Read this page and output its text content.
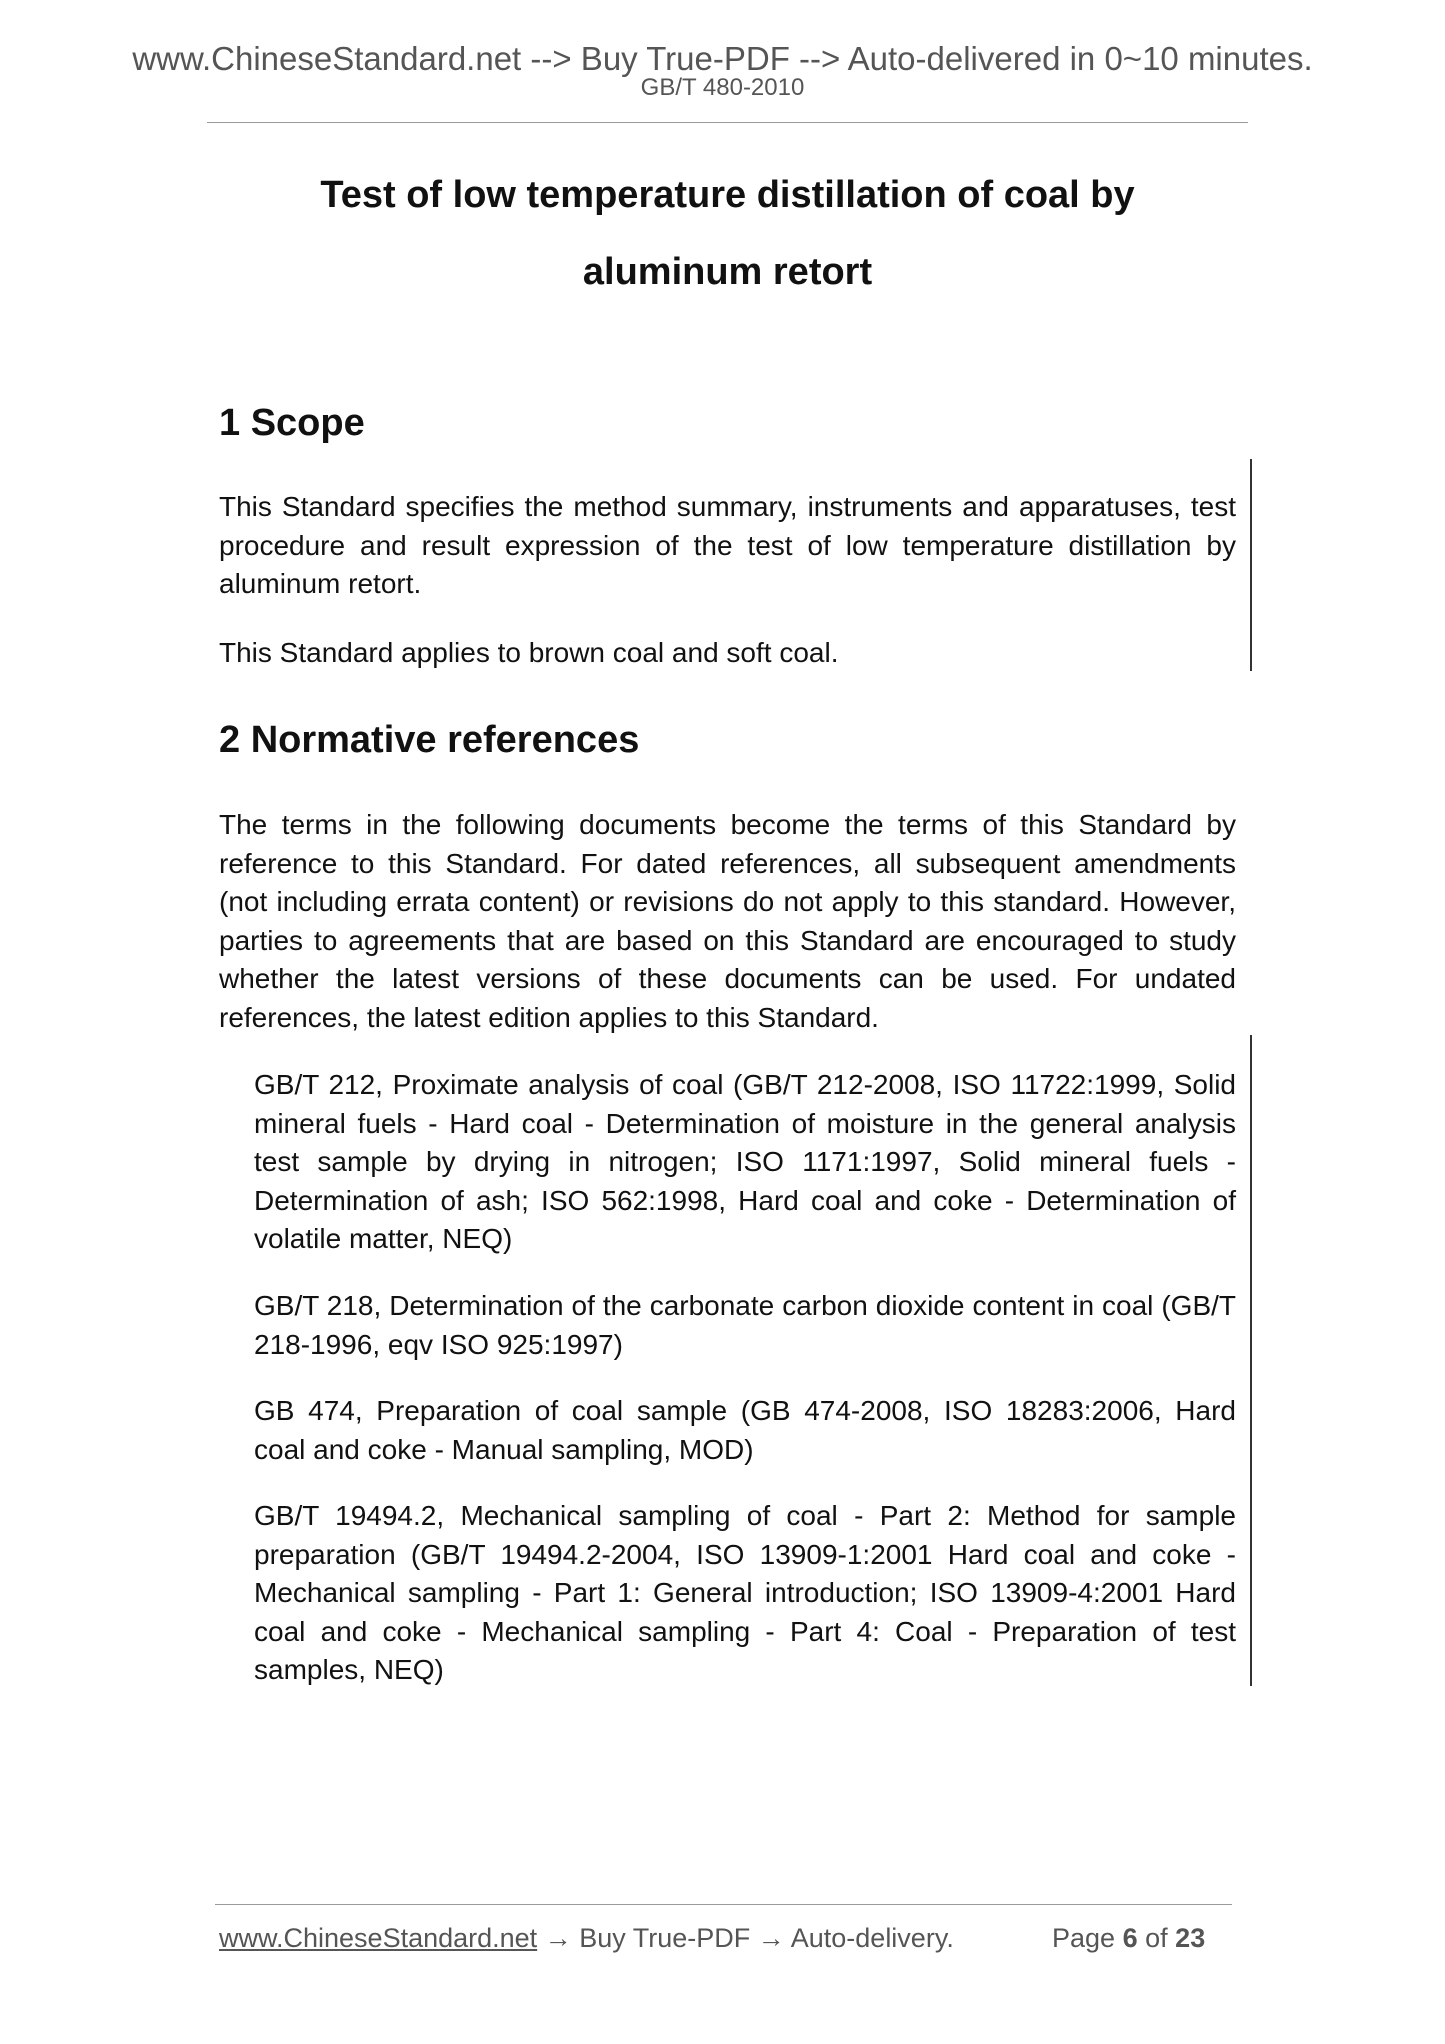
www.ChineseStandard.net --> Buy True-PDF --> Auto-delivered in 0~10 minutes.
GB/T 480-2010
Test of low temperature distillation of coal by
aluminum retort
1 Scope

This Standard specifies the method summary, instruments and apparatuses, test procedure and result expression of the test of low temperature distillation by aluminum retort.

This Standard applies to brown coal and soft coal.

2 Normative references

The terms in the following documents become the terms of this Standard by reference to this Standard. For dated references, all subsequent amendments (not including errata content) or revisions do not apply to this standard. However, parties to agreements that are based on this Standard are encouraged to study whether the latest versions of these documents can be used. For undated references, the latest edition applies to this Standard.

GB/T 212, Proximate analysis of coal (GB/T 212-2008, ISO 11722:1999, Solid mineral fuels - Hard coal - Determination of moisture in the general analysis test sample by drying in nitrogen; ISO 1171:1997, Solid mineral fuels - Determination of ash; ISO 562:1998, Hard coal and coke - Determination of volatile matter, NEQ)

GB/T 218, Determination of the carbonate carbon dioxide content in coal (GB/T 218-1996, eqv ISO 925:1997)

GB 474, Preparation of coal sample (GB 474-2008, ISO 18283:2006, Hard coal and coke - Manual sampling, MOD)

GB/T 19494.2, Mechanical sampling of coal - Part 2: Method for sample preparation (GB/T 19494.2-2004, ISO 13909-1:2001 Hard coal and coke - Mechanical sampling - Part 1: General introduction; ISO 13909-4:2001 Hard coal and coke - Mechanical sampling - Part 4: Coal - Preparation of test samples, NEQ)

www.ChineseStandard.net → Buy True-PDF → Auto-delivery.	Page 6 of 23
